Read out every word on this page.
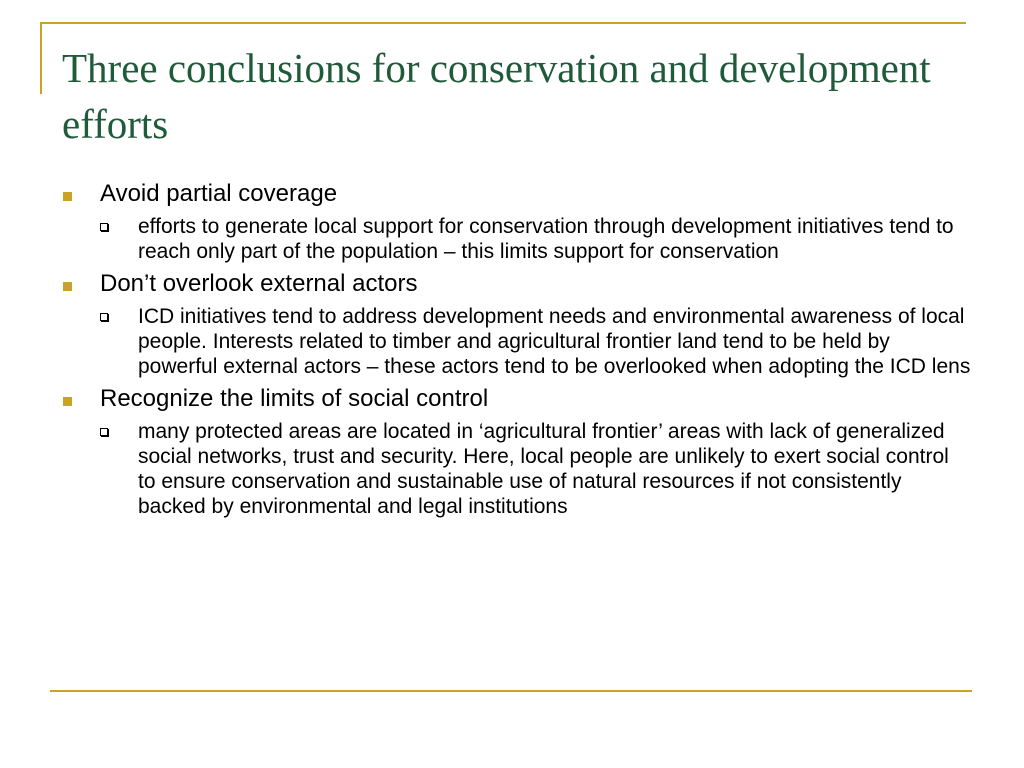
Three conclusions for conservation and development efforts
Avoid partial coverage
efforts to generate local support for conservation through development initiatives tend to reach only part of the population – this limits support for conservation
Don’t overlook external actors
ICD initiatives tend to address development needs and environmental awareness of local people. Interests related to timber and agricultural frontier land tend to be held by powerful external actors – these actors tend to be overlooked when adopting the ICD lens
Recognize the limits of social control
many protected areas are located in ‘agricultural frontier’ areas with lack of generalized social networks, trust and security. Here, local people are unlikely to exert social control to ensure conservation and sustainable use of natural resources if not consistently backed by environmental and legal institutions
